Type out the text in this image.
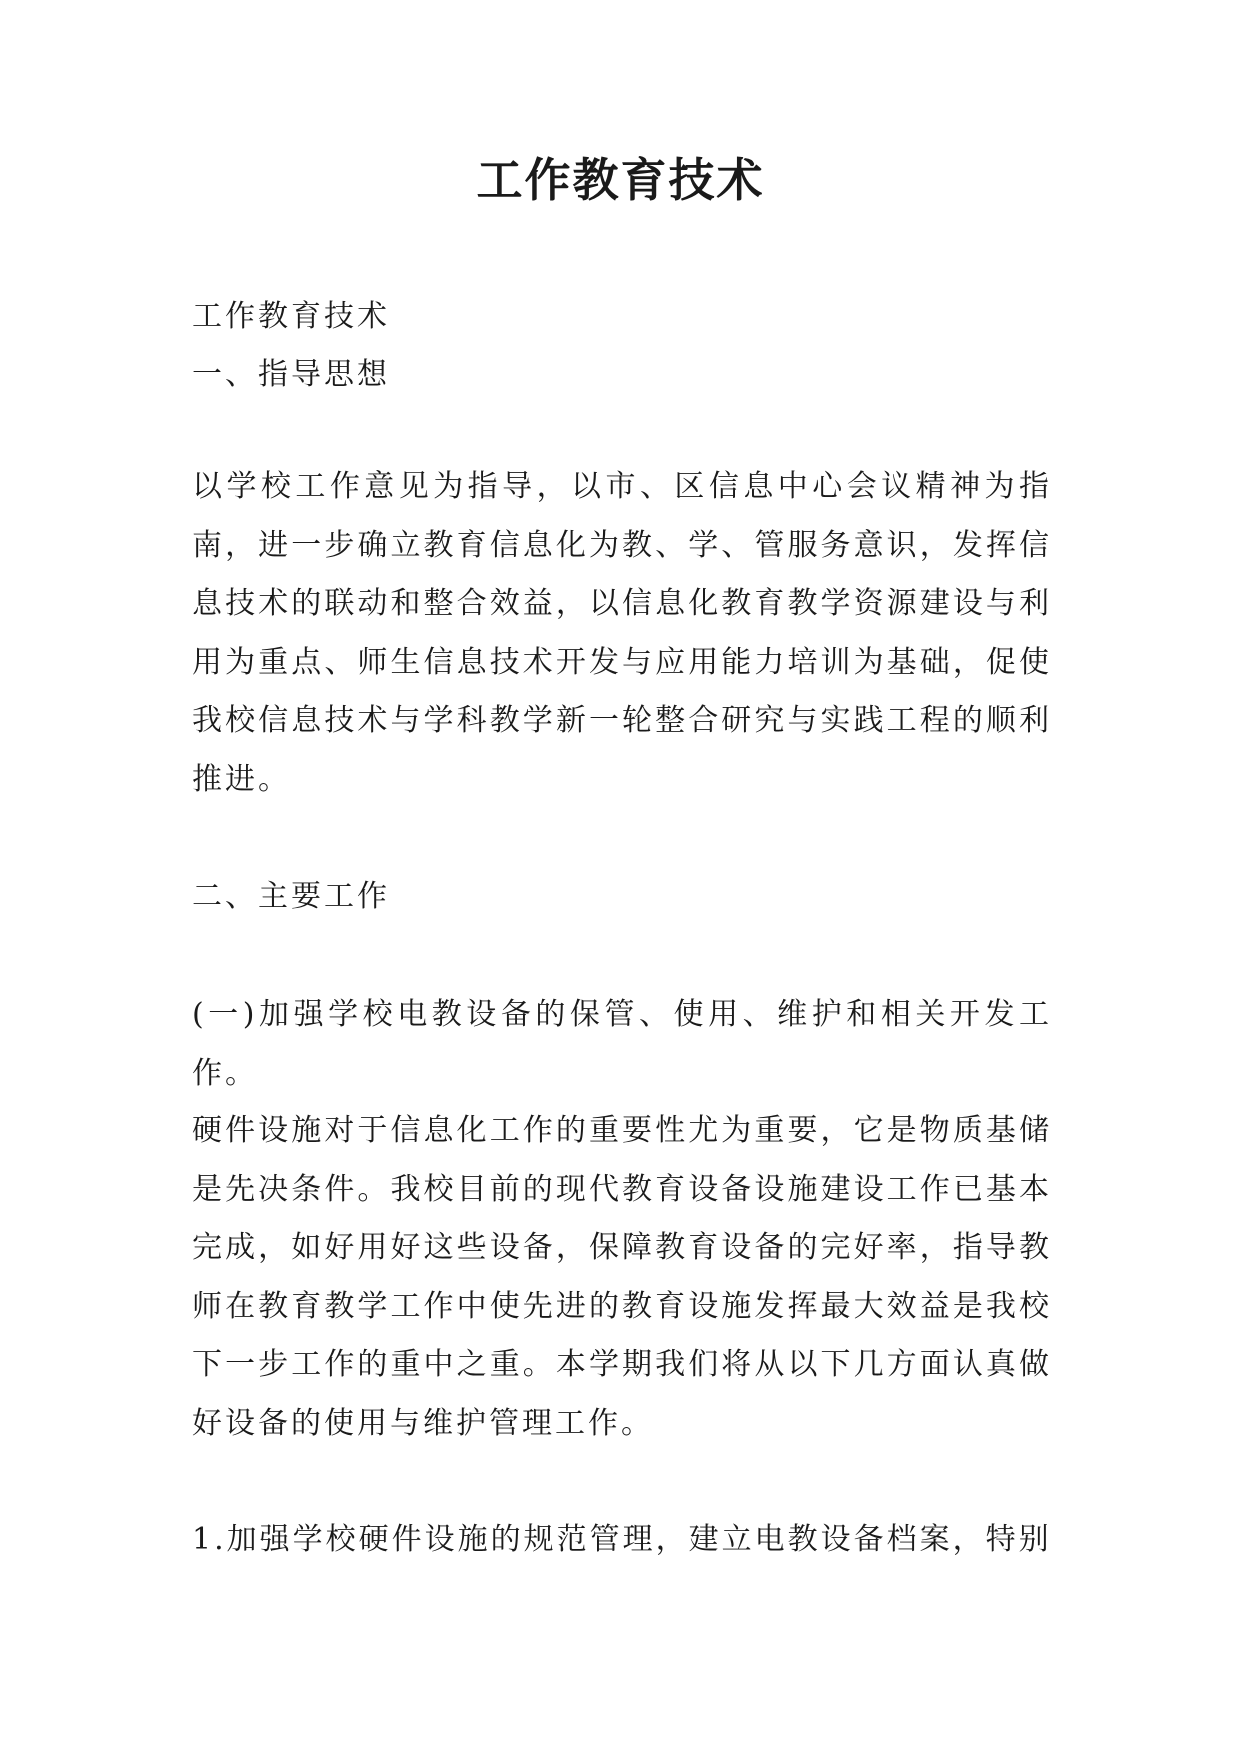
工作教育技术

工作教育技术

一、指导思想

以学校工作意见为指导，以市、区信息中心会议精神为指南，进一步确立教育信息化为教、学、管服务意识，发挥信息技术的联动和整合效益，以信息化教育教学资源建设与利用为重点、师生信息技术开发与应用能力培训为基础，促使我校信息技术与学科教学新一轮整合研究与实践工程的顺利推进。

二、主要工作

(一)加强学校电教设备的保管、使用、维护和相关开发工作。

硬件设施对于信息化工作的重要性尤为重要，它是物质基储是先决条件。我校目前的现代教育设备设施建设工作已基本完成，如好用好这些设备，保障教育设备的完好率，指导教师在教育教学工作中使先进的教育设施发挥最大效益是我校下一步工作的重中之重。本学期我们将从以下几方面认真做好设备的使用与维护管理工作。

1.加强学校硬件设施的规范管理，建立电教设备档案，特别
